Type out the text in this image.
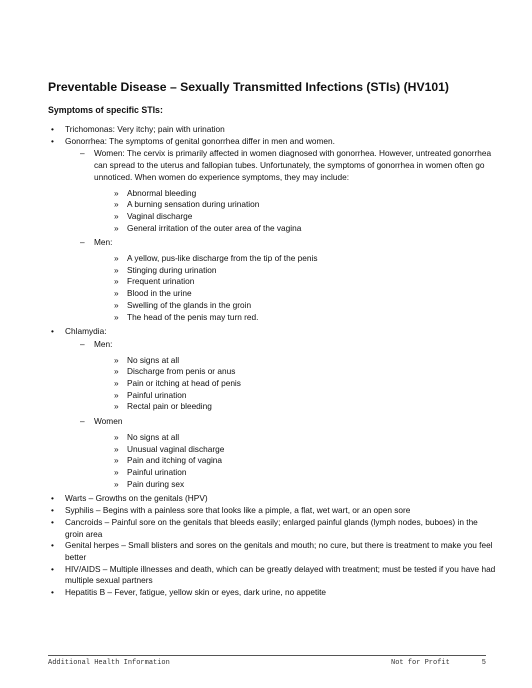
Preventable Disease – Sexually Transmitted Infections (STIs) (HV101)
Symptoms of specific STIs:
• Trichomonas: Very itchy; pain with urination
• Gonorrhea: The symptoms of genital gonorrhea differ in men and women.
– Women: The cervix is primarily affected in women diagnosed with gonorrhea. However, untreated gonorrhea can spread to the uterus and fallopian tubes. Unfortunately, the symptoms of gonorrhea in women often go unnoticed. When women do experience symptoms, they may include:
» Abnormal bleeding
» A burning sensation during urination
» Vaginal discharge
» General irritation of the outer area of the vagina
– Men:
» A yellow, pus-like discharge from the tip of the penis
» Stinging during urination
» Frequent urination
» Blood in the urine
» Swelling of the glands in the groin
» The head of the penis may turn red.
• Chlamydia:
– Men:
» No signs at all
» Discharge from penis or anus
» Pain or itching at head of penis
» Painful urination
» Rectal pain or bleeding
– Women
» No signs at all
» Unusual vaginal discharge
» Pain and itching of vagina
» Painful urination
» Pain during sex
• Warts – Growths on the genitals (HPV)
• Syphilis – Begins with a painless sore that looks like a pimple, a flat, wet wart, or an open sore
• Cancroids – Painful sore on the genitals that bleeds easily; enlarged painful glands (lymph nodes, buboes) in the groin area
• Genital herpes – Small blisters and sores on the genitals and mouth; no cure, but there is treatment to make you feel better
• HIV/AIDS – Multiple illnesses and death, which can be greatly delayed with treatment; must be tested if you have had multiple sexual partners
• Hepatitis B – Fever, fatigue, yellow skin or eyes, dark urine, no appetite
Additional Health Information	Not for Profit	5
